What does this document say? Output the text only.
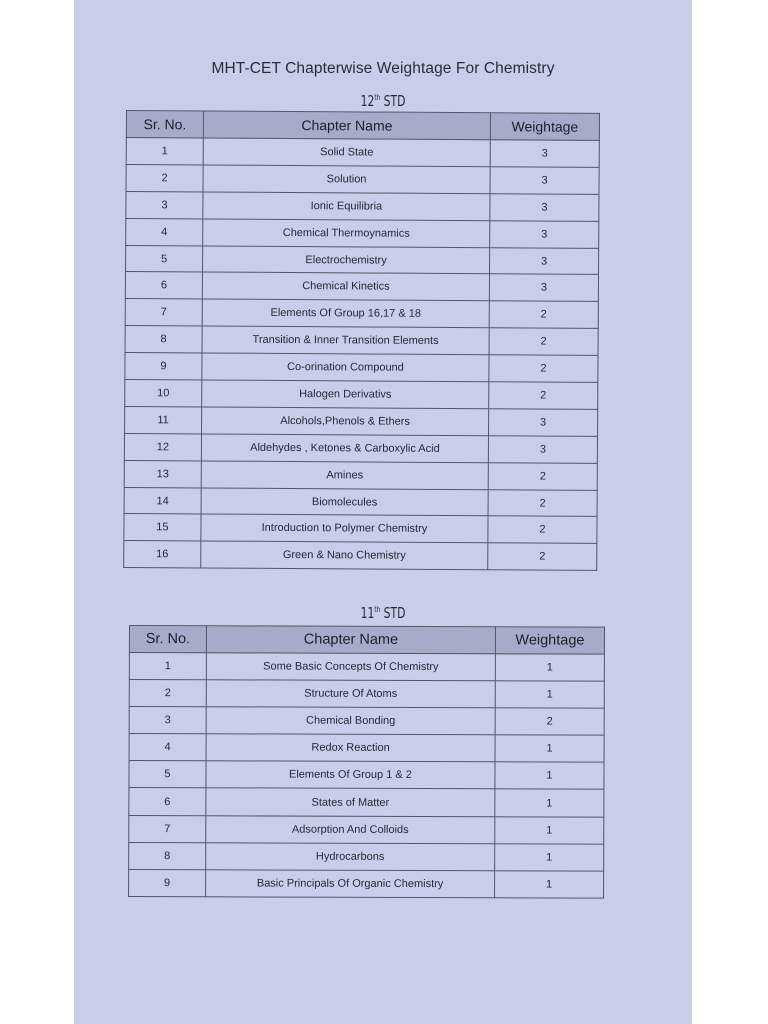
MHT-CET Chapterwise Weightage For Chemistry
12th STD
Sr. No.	Chapter Name	Weightage
1	Solid State	3
2	Solution	3
3	Ionic Equilibria	3
4	Chemical Thermoynamics	3
5	Electrochemistry	3
6	Chemical Kinetics	3
7	Elements Of Group 16,17 & 18	2
8	Transition & Inner Transition Elements	2
9	Co-orination Compound	2
10	Halogen Derivativs	2
11	Alcohols,Phenols & Ethers	3
12	Aldehydes , Ketones & Carboxylic Acid	3
13	Amines	2
14	Biomolecules	2
15	Introduction to Polymer Chemistry	2
16	Green & Nano Chemistry	2
11th STD
Sr. No.	Chapter Name	Weightage
1	Some Basic Concepts Of Chemistry	1
2	Structure Of Atoms	1
3	Chemical Bonding	2
4	Redox Reaction	1
5	Elements Of Group 1 & 2	1
6	States of Matter	1
7	Adsorption And Colloids	1
8	Hydrocarbons	1
9	Basic Principals Of Organic Chemistry	1
